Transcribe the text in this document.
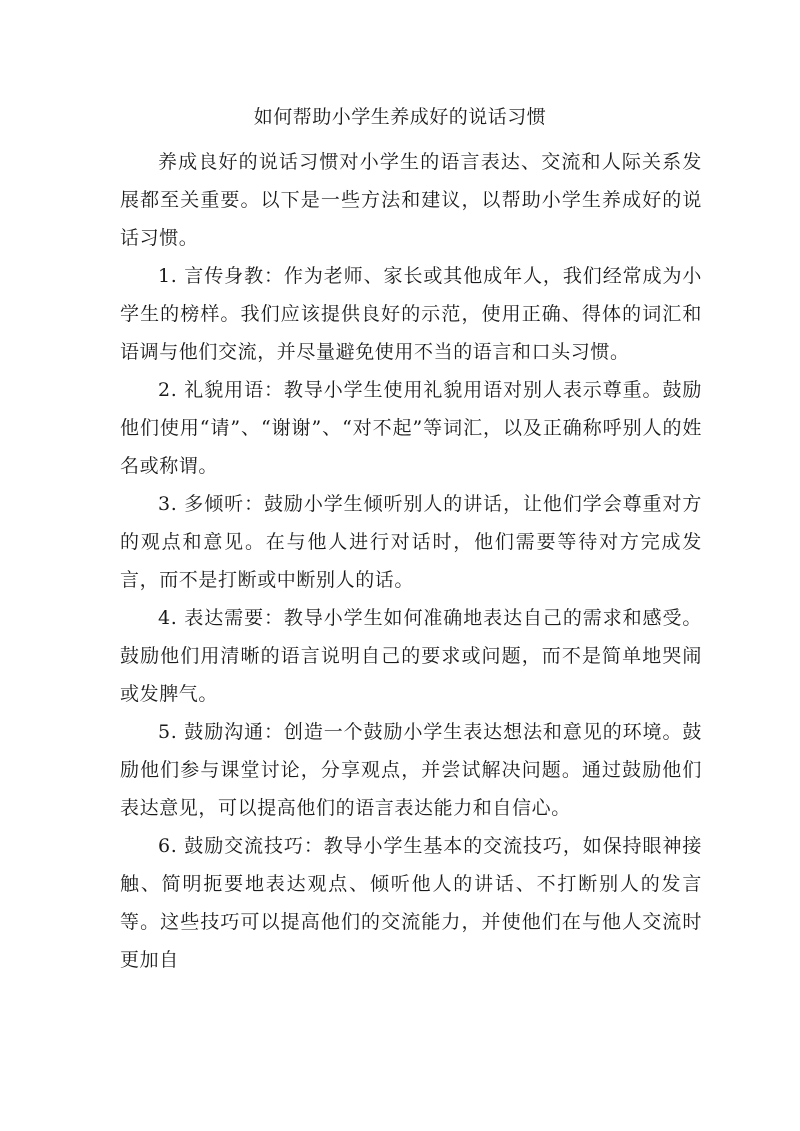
如何帮助小学生养成好的说话习惯

养成良好的说话习惯对小学生的语言表达、交流和人际关系发展都至关重要。以下是一些方法和建议，以帮助小学生养成好的说话习惯。

1. 言传身教：作为老师、家长或其他成年人，我们经常成为小学生的榜样。我们应该提供良好的示范，使用正确、得体的词汇和语调与他们交流，并尽量避免使用不当的语言和口头习惯。

2. 礼貌用语：教导小学生使用礼貌用语对别人表示尊重。鼓励他们使用“请”、“谢谢”、“对不起”等词汇，以及正确称呼别人的姓名或称谓。

3. 多倾听：鼓励小学生倾听别人的讲话，让他们学会尊重对方的观点和意见。在与他人进行对话时，他们需要等待对方完成发言，而不是打断或中断别人的话。

4. 表达需要：教导小学生如何准确地表达自己的需求和感受。鼓励他们用清晰的语言说明自己的要求或问题，而不是简单地哭闹或发脾气。

5. 鼓励沟通：创造一个鼓励小学生表达想法和意见的环境。鼓励他们参与课堂讨论，分享观点，并尝试解决问题。通过鼓励他们表达意见，可以提高他们的语言表达能力和自信心。

6. 鼓励交流技巧：教导小学生基本的交流技巧，如保持眼神接触、简明扼要地表达观点、倾听他人的讲话、不打断别人的发言等。这些技巧可以提高他们的交流能力，并使他们在与他人交流时更加自
